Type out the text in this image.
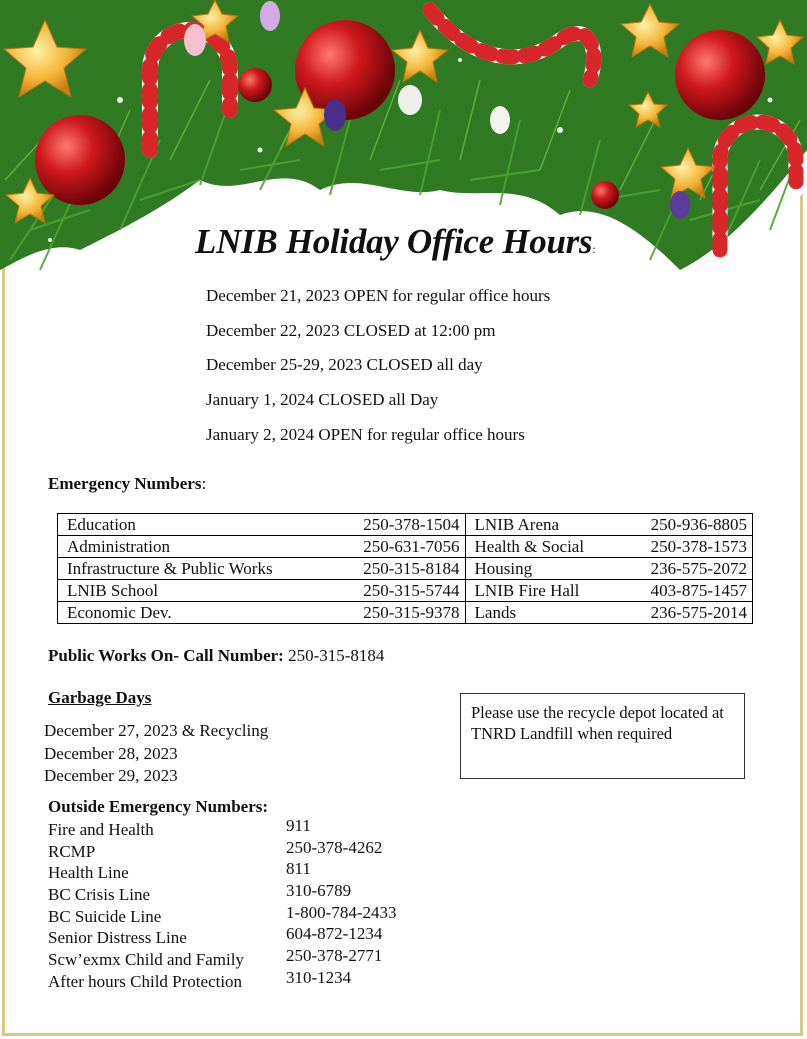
LNIB Holiday Office Hours:
December 21, 2023 OPEN for regular office hours
December 22, 2023 CLOSED at 12:00 pm
December 25-29, 2023 CLOSED all day
January 1, 2024 CLOSED all Day
January 2, 2024 OPEN for regular office hours
Emergency Numbers:
Education	250-378-1504	LNIB Arena	250-936-8805
Administration	250-631-7056	Health & Social	250-378-1573
Infrastructure & Public Works	250-315-8184	Housing	236-575-2072
LNIB School	250-315-5744	LNIB Fire Hall	403-875-1457
Economic Dev.	250-315-9378	Lands	236-575-2014
Public Works On- Call Number: 250-315-8184
Garbage Days
December 27, 2023 & Recycling
December 28, 2023
December 29, 2023
Please use the recycle depot located at TNRD Landfill when required
Outside Emergency Numbers:
Fire and Health	911
RCMP	250-378-4262
Health Line	811
BC Crisis Line	310-6789
BC Suicide Line	1-800-784-2433
Senior Distress Line	604-872-1234
Scw’exmx Child and Family 250-378-2771
After hours Child Protection	310-1234
